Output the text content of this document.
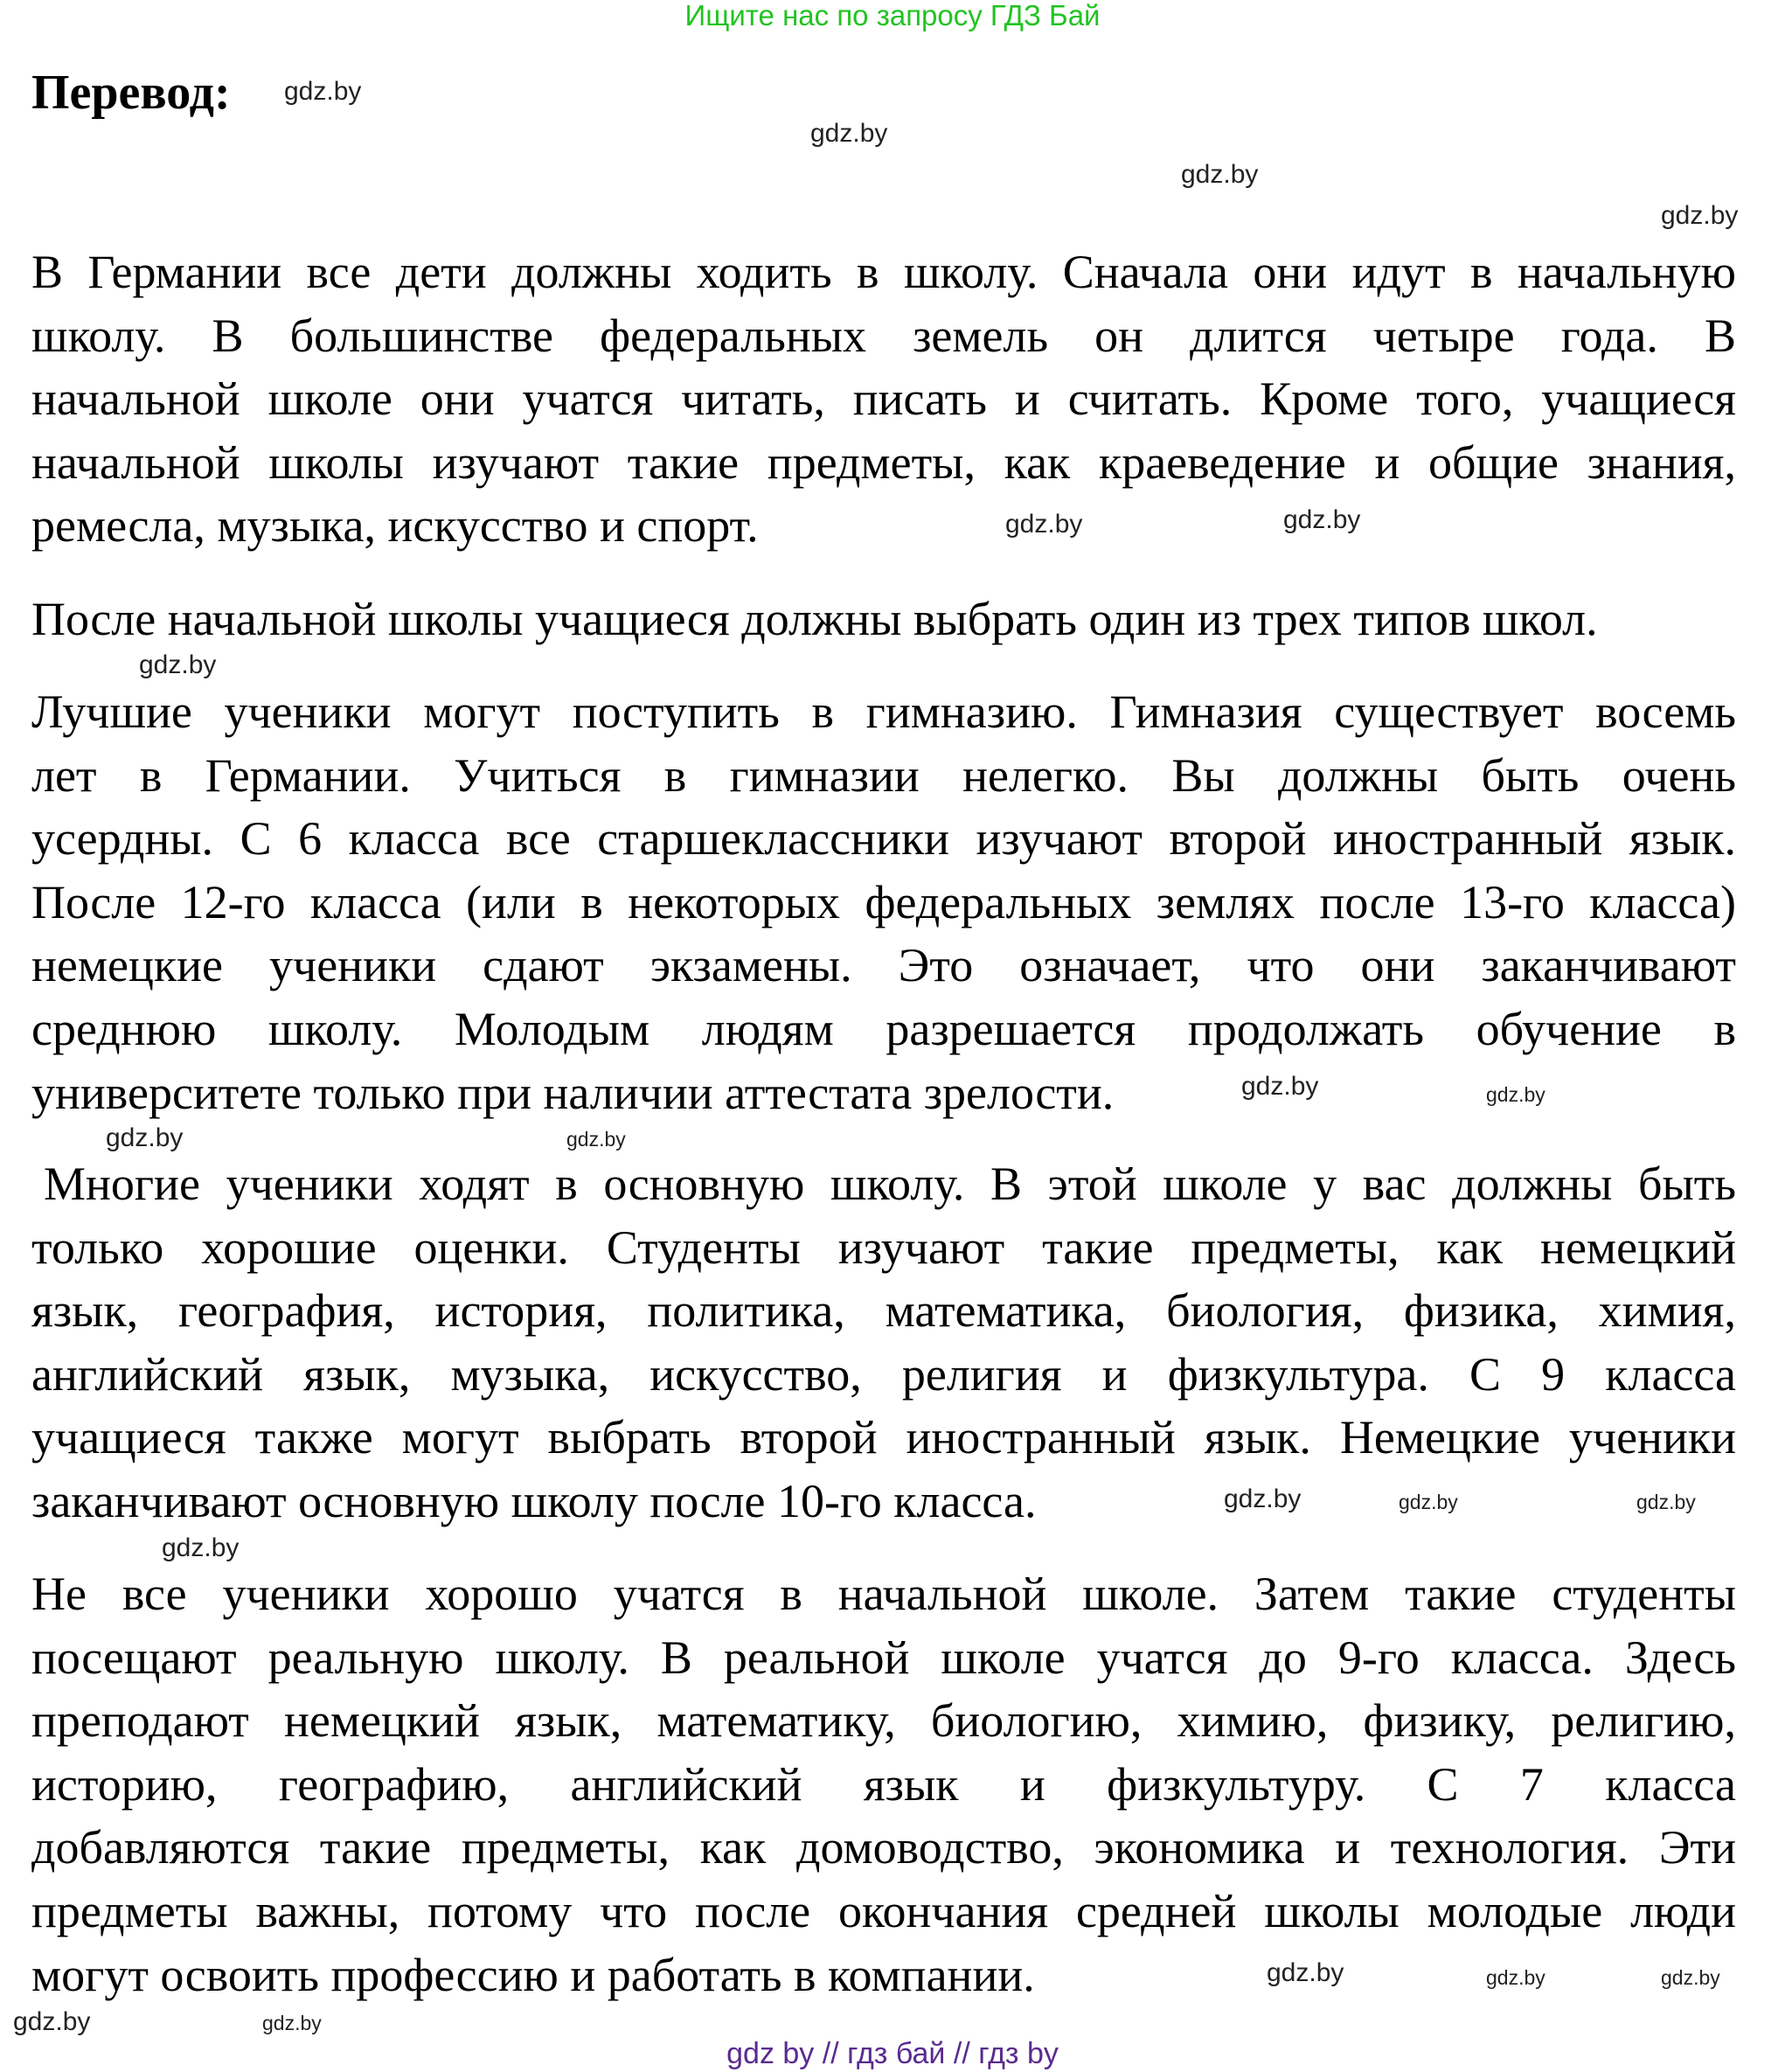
Ищите нас по запросу ГДЗ Бай
Перевод:
В Германии все дети должны ходить в школу. Сначала они идут в начальную
школу. В большинстве федеральных земель он длится четыре года. В
начальной школе они учатся читать, писать и считать. Кроме того, учащиеся
начальной школы изучают такие предметы, как краеведение и общие знания,
ремесла, музыка, искусство и спорт.
После начальной школы учащиеся должны выбрать один из трех типов школ.
Лучшие ученики могут поступить в гимназию. Гимназия существует восемь
лет в Германии. Учиться в гимназии нелегко. Вы должны быть очень
усердны. С 6 класса все старшеклассники изучают второй иностранный язык.
После 12-го класса (или в некоторых федеральных землях после 13-го класса)
немецкие ученики сдают экзамены. Это означает, что они заканчивают
среднюю школу. Молодым людям разрешается продолжать обучение в
университете только при наличии аттестата зрелости.
Многие ученики ходят в основную школу. В этой школе у вас должны быть
только хорошие оценки. Студенты изучают такие предметы, как немецкий
язык, география, история, политика, математика, биология, физика, химия,
английский язык, музыка, искусство, религия и физкультура. С 9 класса
учащиеся также могут выбрать второй иностранный язык. Немецкие ученики
заканчивают основную школу после 10-го класса.
Не все ученики хорошо учатся в начальной школе. Затем такие студенты
посещают реальную школу. В реальной школе учатся до 9-го класса. Здесь
преподают немецкий язык, математику, биологию, химию, физику, религию,
историю, географию, английский язык и физкультуру. С 7 класса
добавляются такие предметы, как домоводство, экономика и технология. Эти
предметы важны, потому что после окончания средней школы молодые люди
могут освоить профессию и работать в компании.
gdz.by
gdz.by
gdz.by
gdz.by
gdz.by	gdz.by
gdz.by
gdz.by	gdz.by
gdz.by
gdz.by
gdz.by	gdz.by	gdz.by
gdz.by
gdz.by	gdz.by	gdz.by
gdz.by
gdz.by
gdz by // гдз бай // гдз by
